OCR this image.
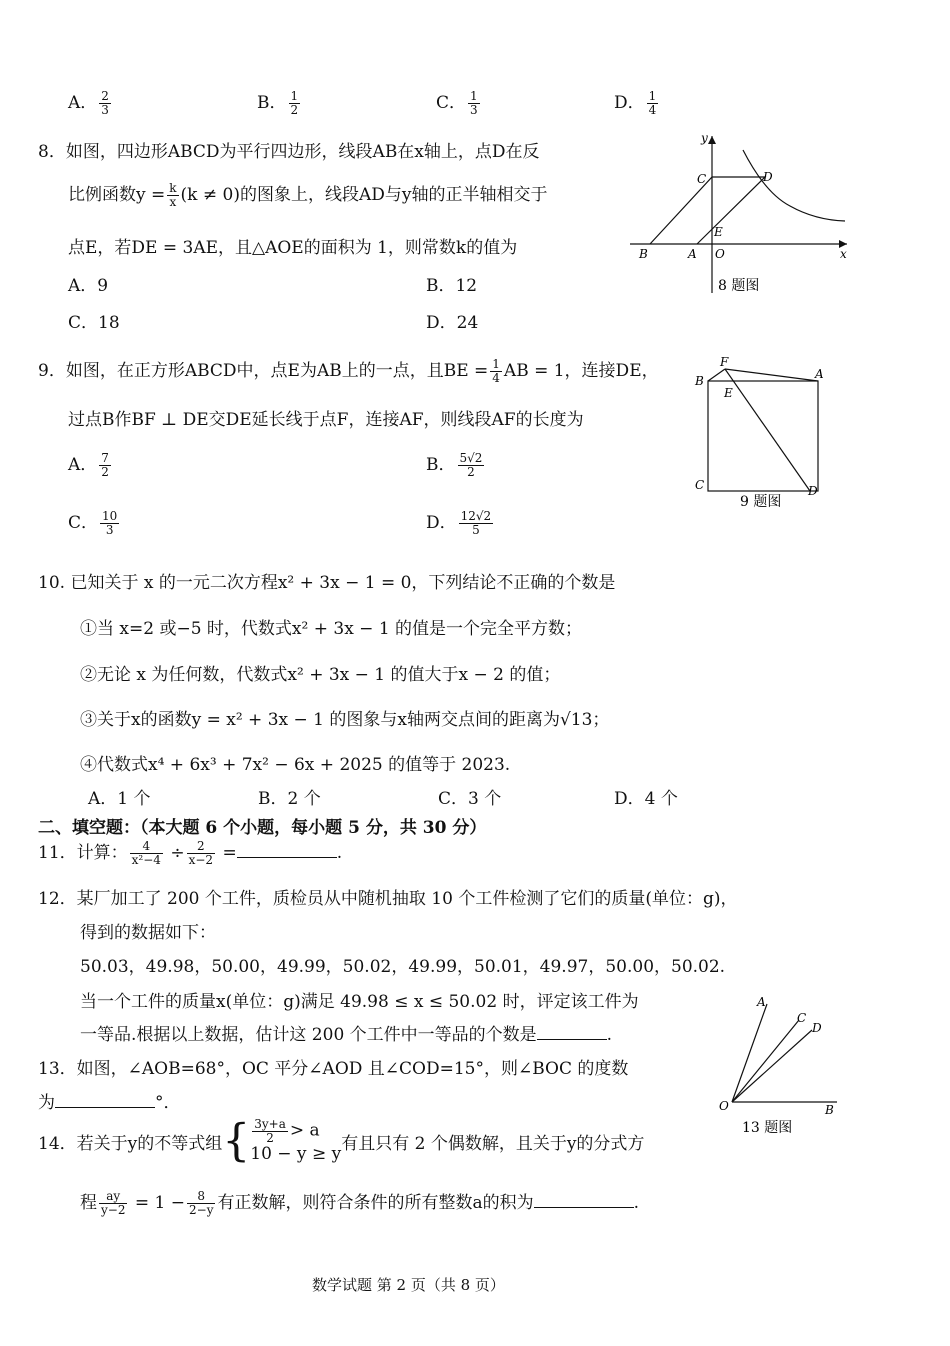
A． $\frac{2}{3}$	B． $\frac{1}{2}$	C． $\frac{1}{3}$	D． $\frac{1}{4}$
8．如图，四边形ABCD为平行四边形，线段AB在x轴上，点D在反
比例函数$y = \frac{k}{x} (k \ne 0)$的图象上，线段AD与y轴的正半轴相交于
点E，若DE = 3AE，且△AOE的面积为 1，则常数k的值为
A．9	B．12
C．18	D．24
y
x
C	D
E
B	A O
8 题图
9．如图，在正方形ABCD中，点E为AB上的一点，且BE = $\frac{1}{4}$ AB = 1，连接DE，
过点B作BF ⊥ DE交DE延长线于点F，连接AF，则线段AF的长度为
A． $\frac{7}{2}$	B． $\frac{5√2}{2}$
C． $\frac{10}{3}$	D． $\frac{12√2}{5}$
F
B
E
A
C	D
9 题图
10. 已知关于 x 的一元二次方程x² + 3x − 1 = 0，下列结论不正确的个数是
①当 x=2 或−5 时，代数式x² + 3x − 1 的值是一个完全平方数；
②无论 x 为任何数，代数式x² + 3x − 1 的值大于x − 2 的值；
③关于x的函数y = x² + 3x − 1 的图象与x轴两交点间的距离为√13；
④代数式x⁴ + 6x³ + 7x² − 6x + 2025 的值等于 2023.
A．1 个	B．2 个	C．3 个	D．4 个
二、填空题：（本大题 6 个小题，每小题 5 分，共 30 分）
11．计算： $\frac{4}{\text{x²−4}} \div \frac{2}{x-2}$ =	.
12．某厂加工了 200 个工件，质检员从中随机抽取 10 个工件检测了它们的质量(单位：g)，
得到的数据如下：
50.03，49.98，50.00，49.99，50.02，49.99，50.01，49.97，50.00，50.02.
当一个工件的质量x(单位：g)满足 49.98 ≤ x ≤ 50.02 时，评定该工件为
一等品.根据以上数据，估计这 200 个工件中一等品的个数是	.
13．如图，∠AOB=68°，OC 平分∠AOD 且∠COD=15°，则∠BOC 的度数
为	°．
A
C
D
O	B
13 题图
14．若关于y的不等式组{ $\frac{3y+a}{2} > a$
10 − y ≥ y
有且只有 2 个偶数解，且关于y的分式方
程 $\frac{ay}{y-2} = 1 - \frac{8}{2-y}$ 有正数解，则符合条件的所有整数a的积为	.
数学试题 第 2 页（共 8 页）
